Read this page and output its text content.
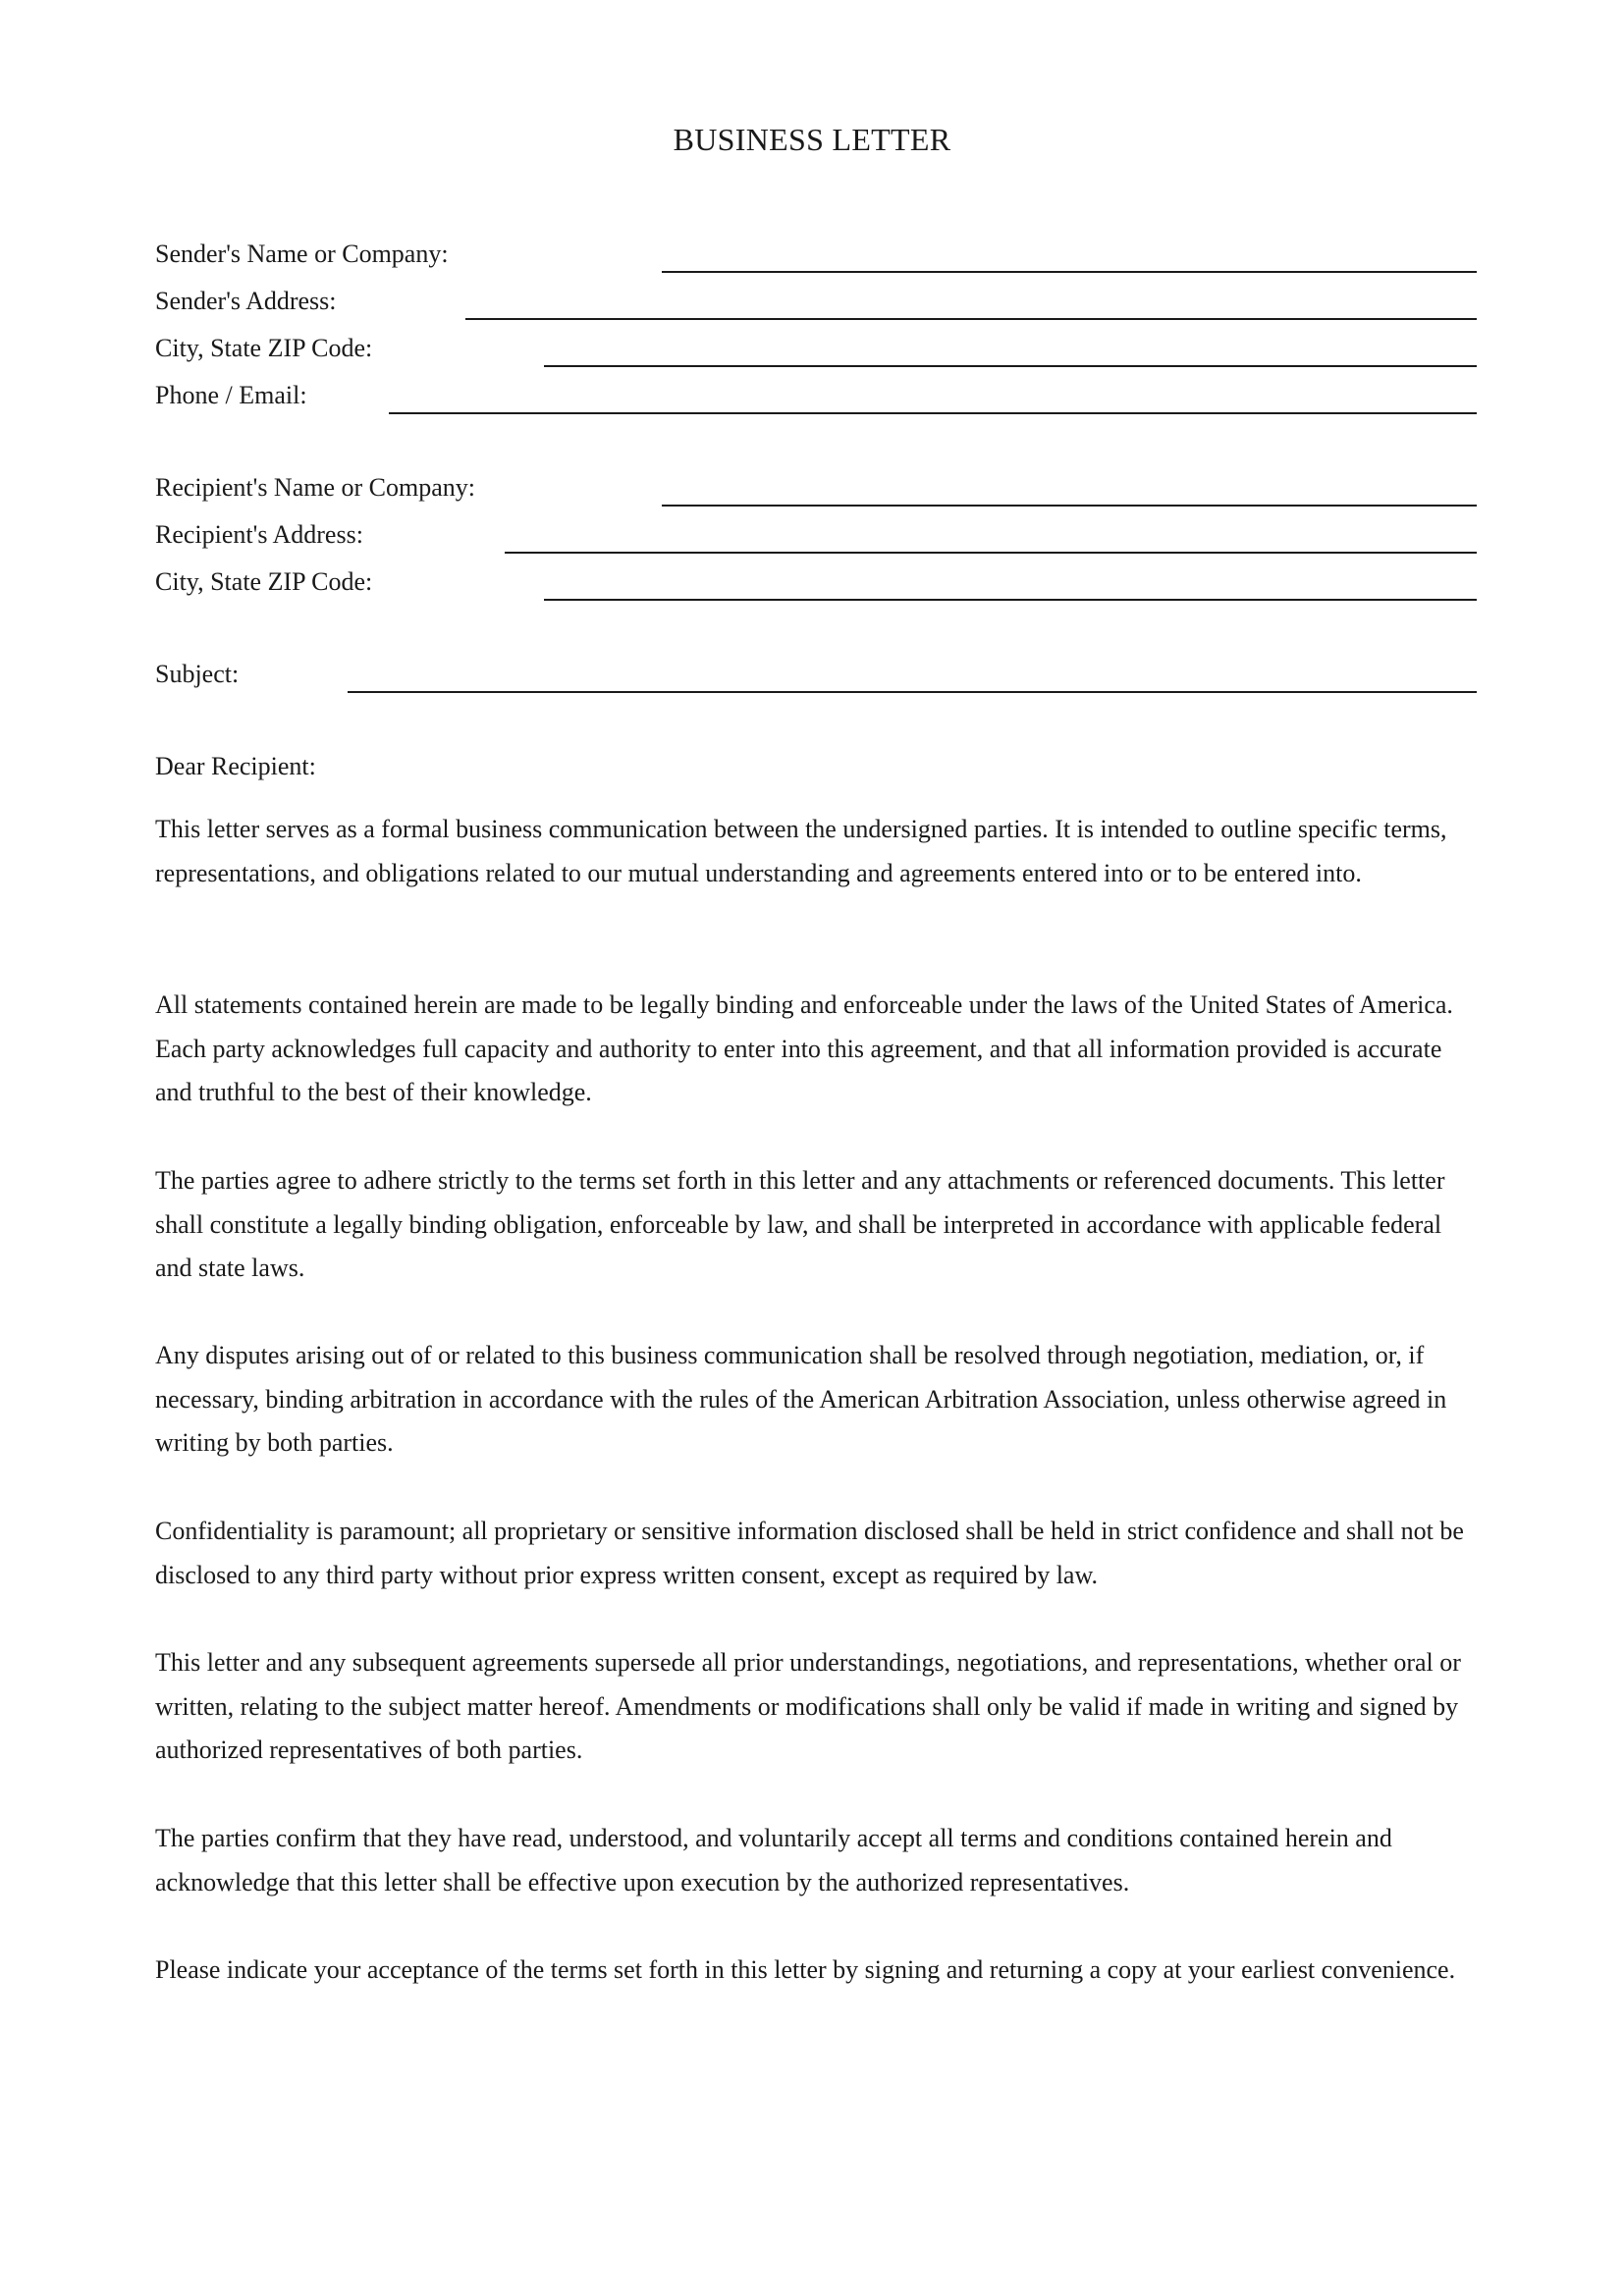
BUSINESS LETTER
Sender's Name or Company:
Sender's Address:
City, State ZIP Code:
Phone / Email:
Recipient's Name or Company:
Recipient's Address:
City, State ZIP Code:
Subject:
Dear Recipient:

This letter serves as a formal business communication between the undersigned parties. It is intended to outline specific terms, representations, and obligations related to our mutual understanding and agreements entered into or to be entered into.

All statements contained herein are made to be legally binding and enforceable under the laws of the United States of America. Each party acknowledges full capacity and authority to enter into this agreement, and that all information provided is accurate and truthful to the best of their knowledge.

The parties agree to adhere strictly to the terms set forth in this letter and any attachments or referenced documents. This letter shall constitute a legally binding obligation, enforceable by law, and shall be interpreted in accordance with applicable federal and state laws.

Any disputes arising out of or related to this business communication shall be resolved through negotiation, mediation, or, if necessary, binding arbitration in accordance with the rules of the American Arbitration Association, unless otherwise agreed in writing by both parties.

Confidentiality is paramount; all proprietary or sensitive information disclosed shall be held in strict confidence and shall not be disclosed to any third party without prior express written consent, except as required by law.

This letter and any subsequent agreements supersede all prior understandings, negotiations, and representations, whether oral or written, relating to the subject matter hereof. Amendments or modifications shall only be valid if made in writing and signed by authorized representatives of both parties.

The parties confirm that they have read, understood, and voluntarily accept all terms and conditions contained herein and acknowledge that this letter shall be effective upon execution by the authorized representatives.

Please indicate your acceptance of the terms set forth in this letter by signing and returning a copy at your earliest convenience.
